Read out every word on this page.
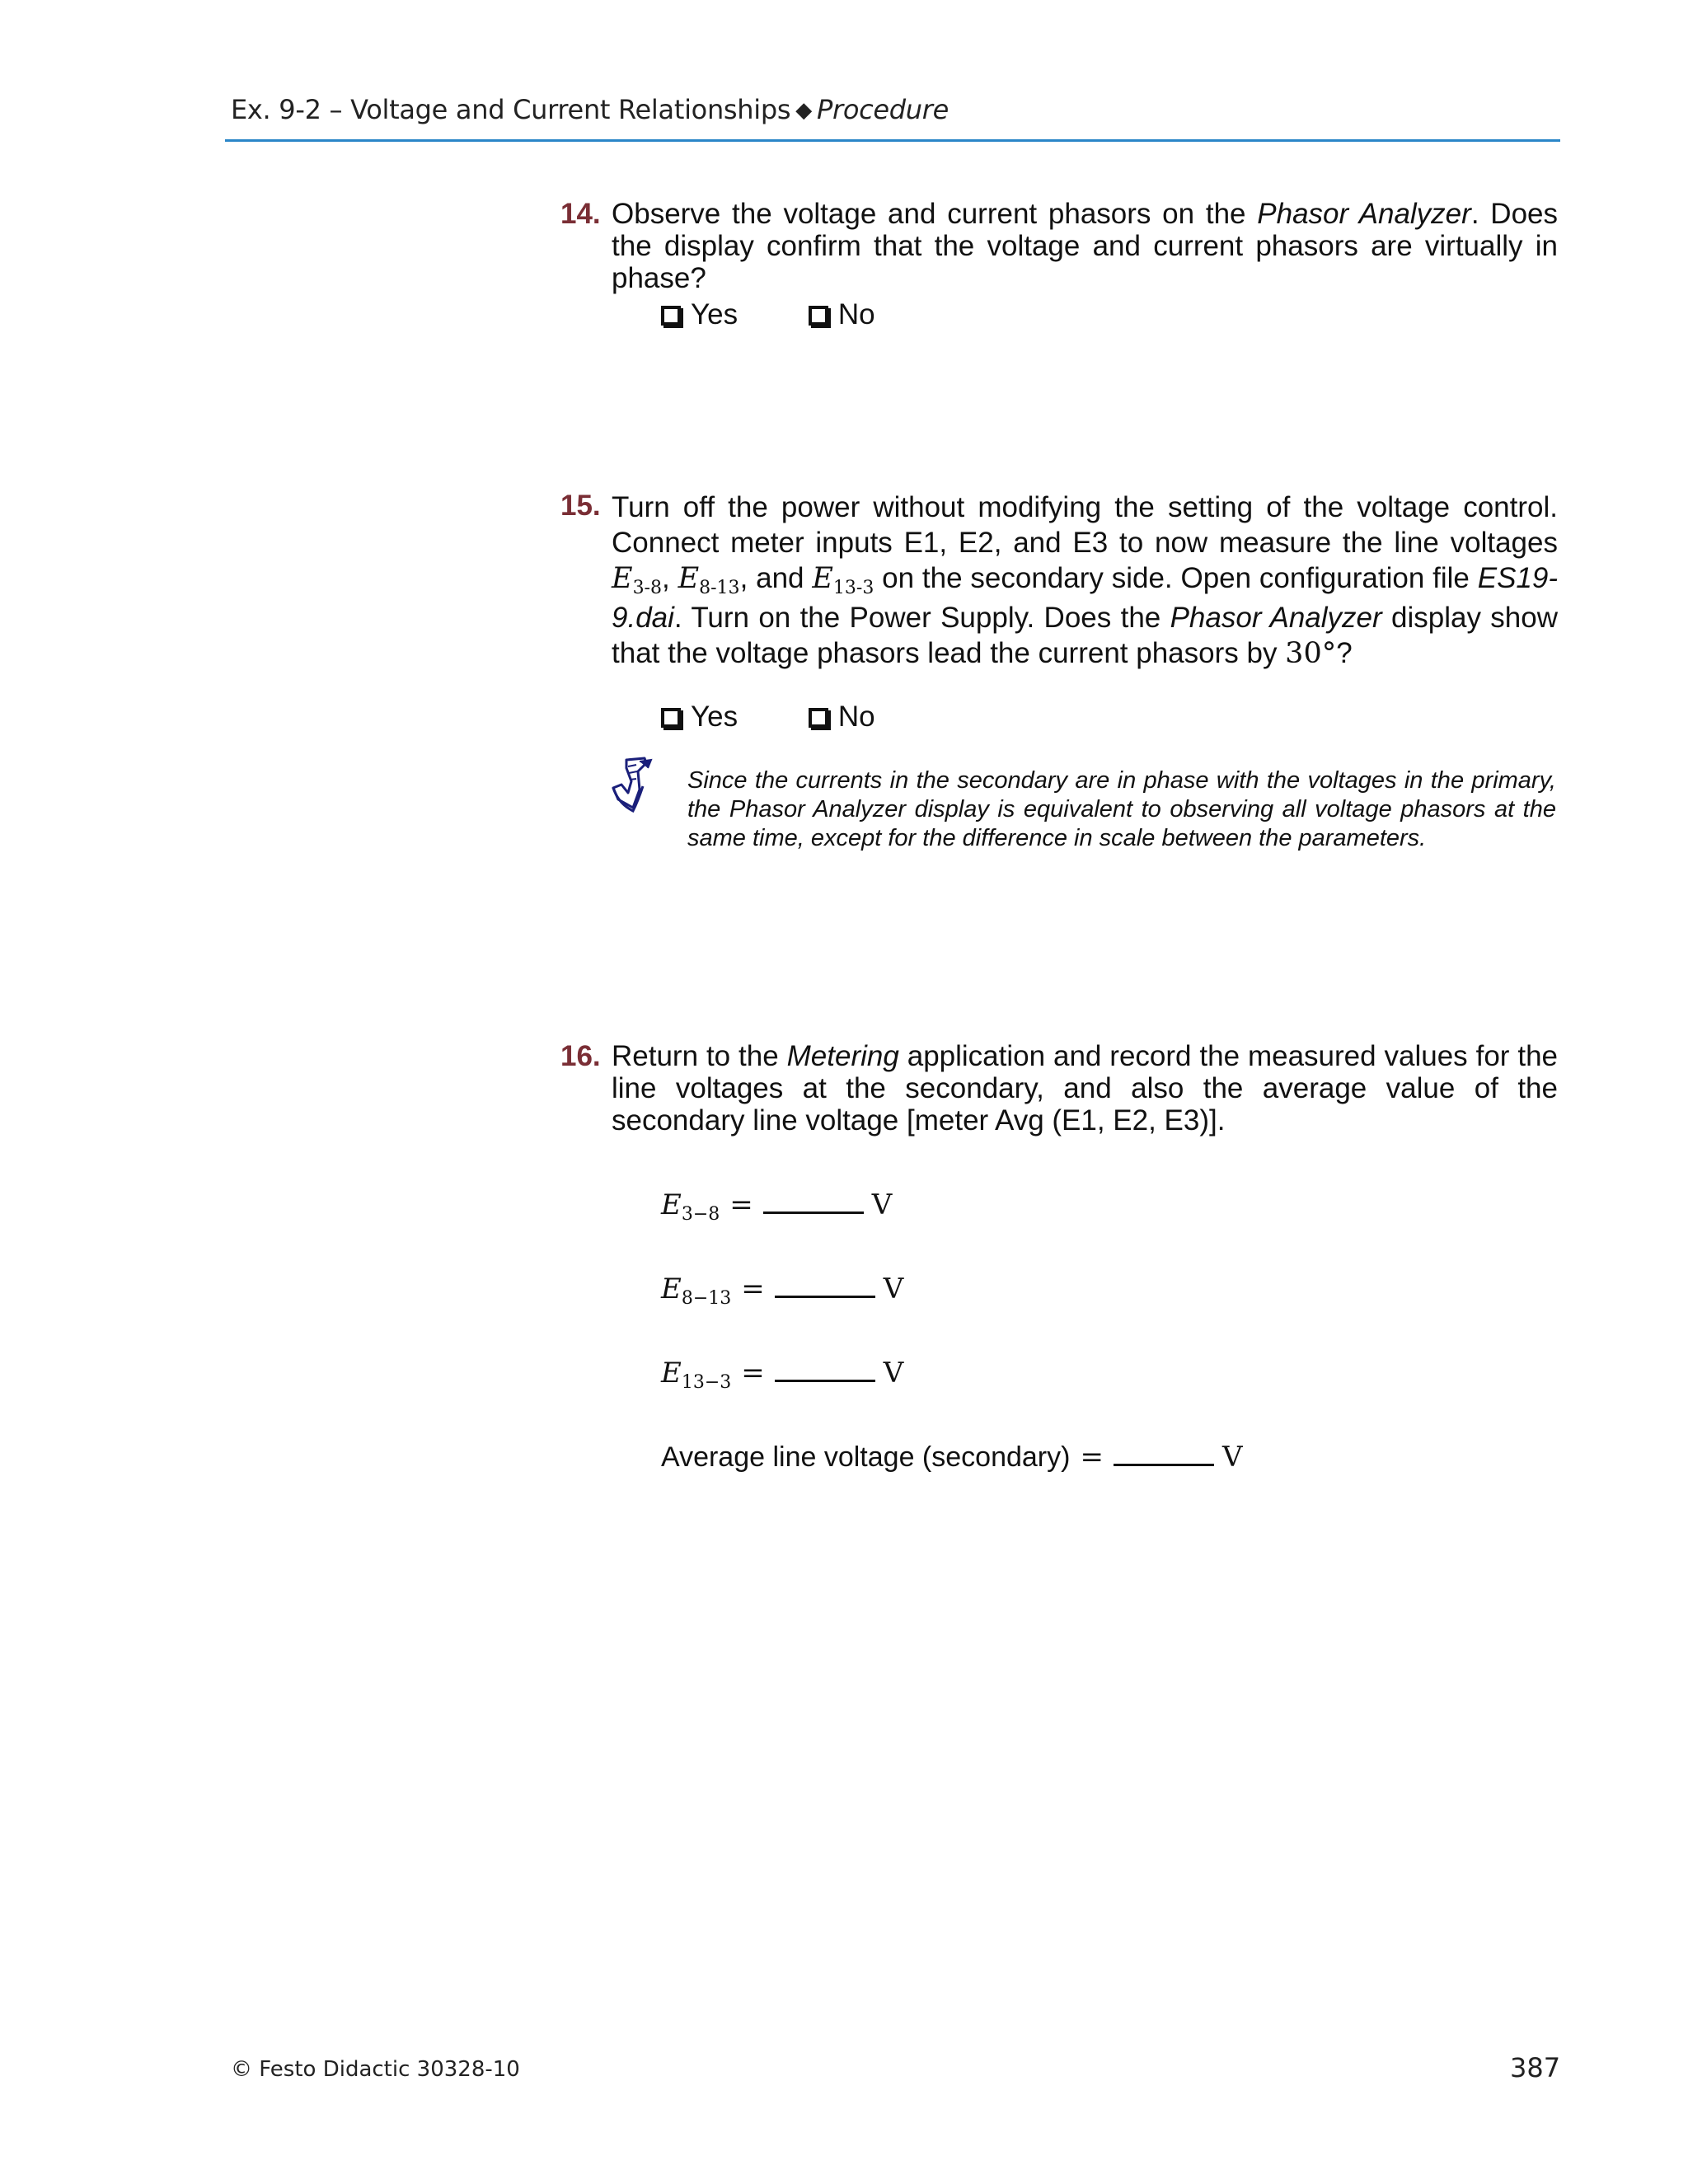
Ex. 9-2 – Voltage and Current Relationships ◆ Procedure
14. Observe the voltage and current phasors on the Phasor Analyzer. Does the display confirm that the voltage and current phasors are virtually in phase?
Yes	No
15. Turn off the power without modifying the setting of the voltage control. Connect meter inputs E1, E2, and E3 to now measure the line voltages $E_{3-8}$, $E_{8-13}$, and $E_{13-3}$ on the secondary side. Open configuration file ES19-9.dai. Turn on the Power Supply. Does the Phasor Analyzer display show that the voltage phasors lead the current phasors by 30°?
Yes	No
Since the currents in the secondary are in phase with the voltages in the primary, the Phasor Analyzer display is equivalent to observing all voltage phasors at the same time, except for the difference in scale between the parameters.
16. Return to the Metering application and record the measured values for the line voltages at the secondary, and also the average value of the secondary line voltage [meter Avg (E1, E2, E3)].
$E_{3-8}$ =	V
$E_{8-13}$ =	V
$E_{13-3}$ =	V
Average line voltage (secondary) =	V
© Festo Didactic 30328-10	387
